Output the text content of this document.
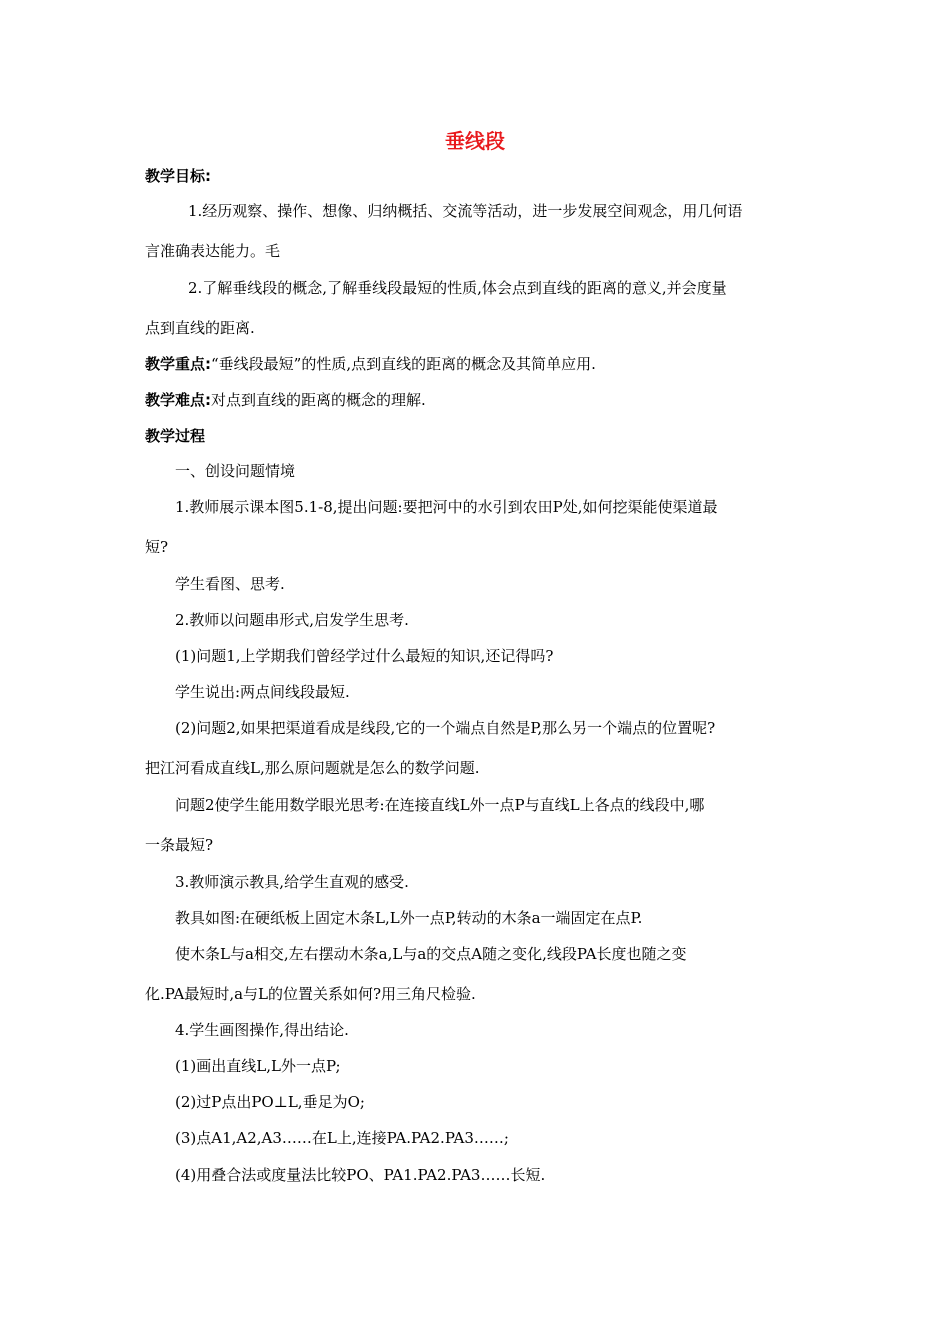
垂线段
教学目标:
1.经历观察、操作、想像、归纳概括、交流等活动，进一步发展空间观念，用几何语
言准确表达能力。毛
2.了解垂线段的概念,了解垂线段最短的性质,体会点到直线的距离的意义,并会度量
点到直线的距离.
教学重点:“垂线段最短”的性质,点到直线的距离的概念及其简单应用.
教学难点:对点到直线的距离的概念的理解.
教学过程
一、创设问题情境
1.教师展示课本图5.1-8,提出问题:要把河中的水引到农田P处,如何挖渠能使渠道最
短?
学生看图、思考.
2.教师以问题串形式,启发学生思考.
(1)问题1,上学期我们曾经学过什么最短的知识,还记得吗?
学生说出:两点间线段最短.
(2)问题2,如果把渠道看成是线段,它的一个端点自然是P,那么另一个端点的位置呢?
把江河看成直线L,那么原问题就是怎么的数学问题.
问题2使学生能用数学眼光思考:在连接直线L外一点P与直线L上各点的线段中,哪
一条最短?
3.教师演示教具,给学生直观的感受.
教具如图:在硬纸板上固定木条L,L外一点P,转动的木条a一端固定在点P.
使木条L与a相交,左右摆动木条a,L与a的交点A随之变化,线段PA长度也随之变
化.PA最短时,a与L的位置关系如何?用三角尺检验.
4.学生画图操作,得出结论.
(1)画出直线L,L外一点P;
(2)过P点出PO⊥L,垂足为O;
(3)点A1,A2,A3……在L上,连接PA.PA2.PA3……;
(4)用叠合法或度量法比较PO、PA1.PA2.PA3……长短.
